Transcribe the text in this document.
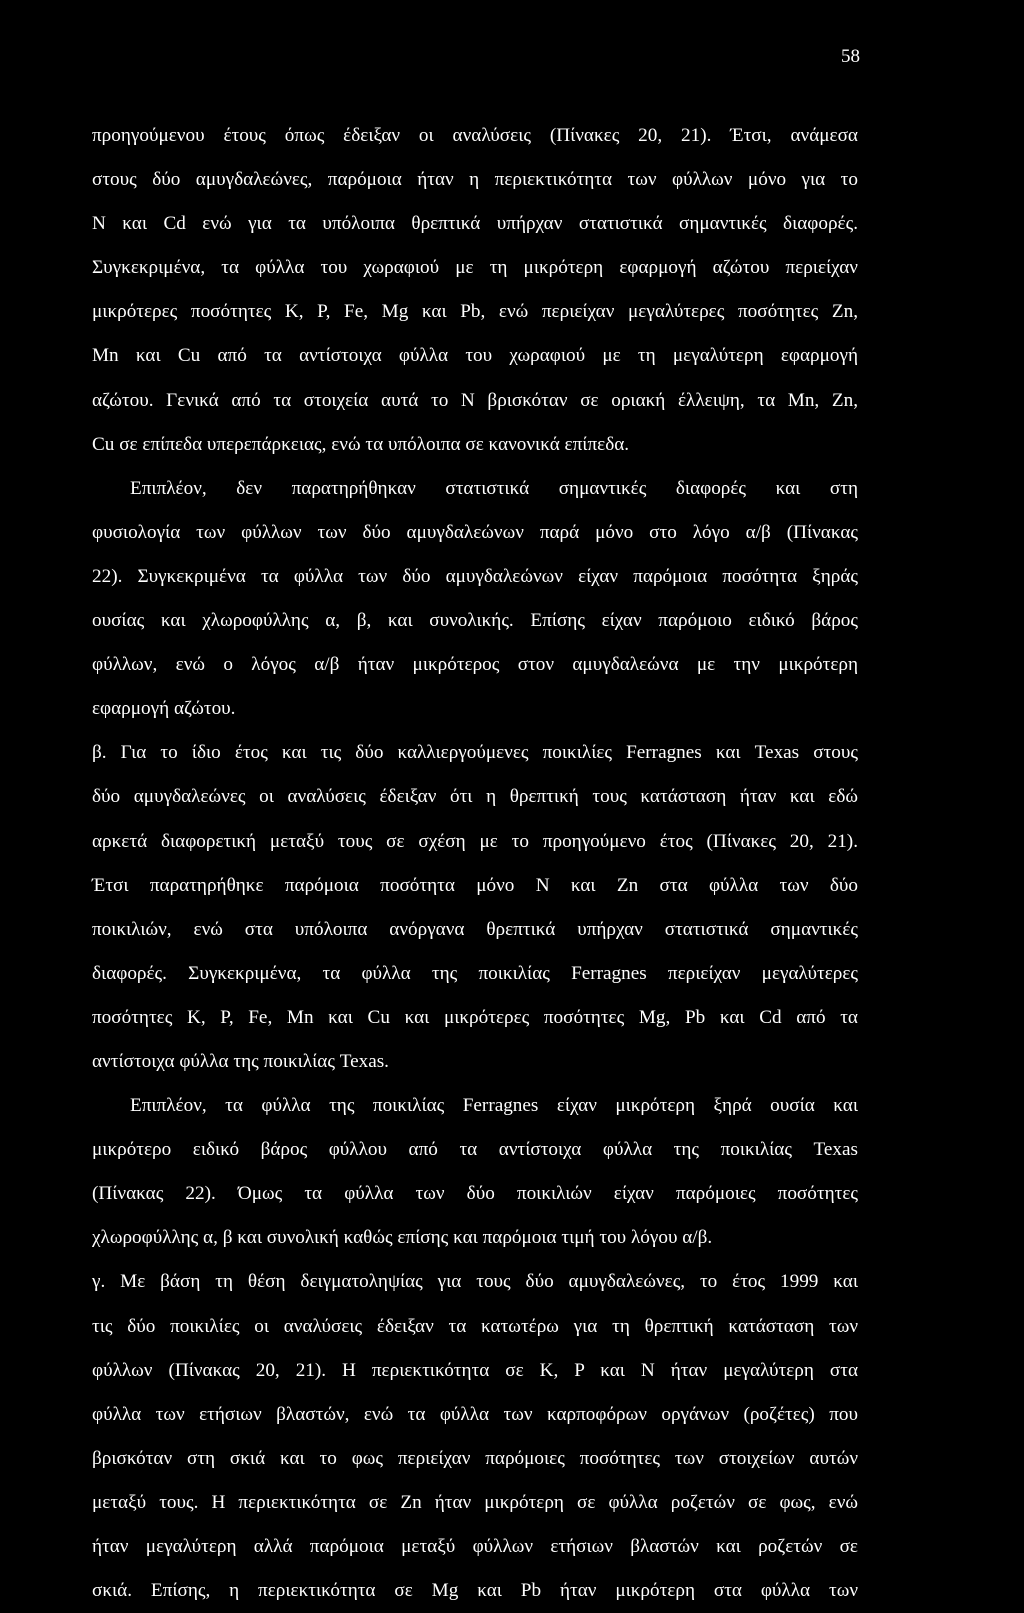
58
προηγούμενου έτους όπως έδειξαν οι αναλύσεις (Πίνακες 20, 21). Έτσι, ανάμεσα
στους δύο αμυγδαλεώνες, παρόμοια ήταν η περιεκτικότητα των φύλλων μόνο για το
N και Cd ενώ για τα υπόλοιπα θρεπτικά υπήρχαν στατιστικά σημαντικές διαφορές.
Συγκεκριμένα, τα φύλλα του χωραφιού με τη μικρότερη εφαρμογή αζώτου περιείχαν
μικρότερες ποσότητες K, P, Fe, Mg και Pb, ενώ περιείχαν μεγαλύτερες ποσότητες Zn,
Mn και Cu από τα αντίστοιχα φύλλα του χωραφιού με τη μεγαλύτερη εφαρμογή
αζώτου. Γενικά από τα στοιχεία αυτά το N βρισκόταν σε οριακή έλλειψη, τα Mn, Zn,
Cu σε επίπεδα υπερεπάρκειας, ενώ τα υπόλοιπα σε κανονικά επίπεδα.
Επιπλέον, δεν παρατηρήθηκαν στατιστικά σημαντικές διαφορές και στη
φυσιολογία των φύλλων των δύο αμυγδαλεώνων παρά μόνο στο λόγο α/β (Πίνακας
22). Συγκεκριμένα τα φύλλα των δύο αμυγδαλεώνων είχαν παρόμοια ποσότητα ξηράς
ουσίας και χλωροφύλλης α, β, και συνολικής. Επίσης είχαν παρόμοιο ειδικό βάρος
φύλλων, ενώ ο λόγος α/β ήταν μικρότερος στον αμυγδαλεώνα με την μικρότερη
εφαρμογή αζώτου.
β. Για το ίδιο έτος και τις δύο καλλιεργούμενες ποικιλίες Ferragnes και Texas στους
δύο αμυγδαλεώνες οι αναλύσεις έδειξαν ότι η θρεπτική τους κατάσταση ήταν και εδώ
αρκετά διαφορετική μεταξύ τους σε σχέση με το προηγούμενο έτος (Πίνακες 20, 21).
Έτσι παρατηρήθηκε παρόμοια ποσότητα μόνο N και Zn στα φύλλα των δύο
ποικιλιών, ενώ στα υπόλοιπα ανόργανα θρεπτικά υπήρχαν στατιστικά σημαντικές
διαφορές. Συγκεκριμένα, τα φύλλα της ποικιλίας Ferragnes περιείχαν μεγαλύτερες
ποσότητες K, P, Fe, Mn και Cu και μικρότερες ποσότητες Mg, Pb και Cd από τα
αντίστοιχα φύλλα της ποικιλίας Texas.
Επιπλέον, τα φύλλα της ποικιλίας Ferragnes είχαν μικρότερη ξηρά ουσία και
μικρότερο ειδικό βάρος φύλλου από τα αντίστοιχα φύλλα της ποικιλίας Texas
(Πίνακας 22). Όμως τα φύλλα των δύο ποικιλιών είχαν παρόμοιες ποσότητες
χλωροφύλλης α, β και συνολική καθώς επίσης και παρόμοια τιμή του λόγου α/β.
γ. Με βάση τη θέση δειγματοληψίας για τους δύο αμυγδαλεώνες, το έτος 1999 και
τις δύο ποικιλίες οι αναλύσεις έδειξαν τα κατωτέρω για τη θρεπτική κατάσταση των
φύλλων (Πίνακας 20, 21). Η περιεκτικότητα σε K, P και N ήταν μεγαλύτερη στα
φύλλα των ετήσιων βλαστών, ενώ τα φύλλα των καρποφόρων οργάνων (ροζέτες) που
βρισκόταν στη σκιά και το φως περιείχαν παρόμοιες ποσότητες των στοιχείων αυτών
μεταξύ τους. Η περιεκτικότητα σε Zn ήταν μικρότερη σε φύλλα ροζετών σε φως, ενώ
ήταν μεγαλύτερη αλλά παρόμοια μεταξύ φύλλων ετήσιων βλαστών και ροζετών σε
σκιά. Επίσης, η περιεκτικότητα σε Mg και Pb ήταν μικρότερη στα φύλλα των
